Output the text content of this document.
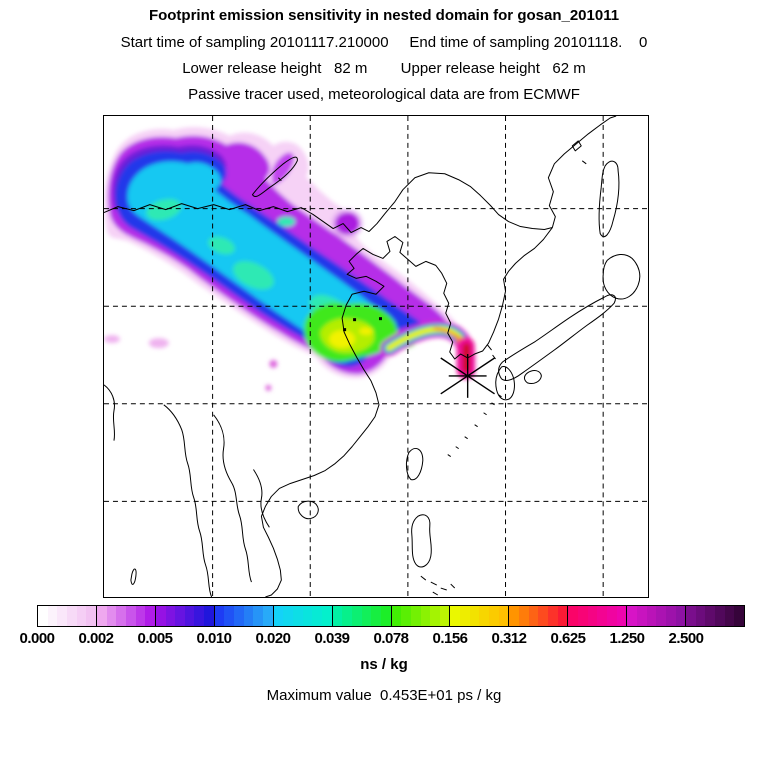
Footprint emission sensitivity in nested domain for gosan_201011
Start time of sampling 20101117.210000     End time of sampling 20101118.    0
Lower release height   82 m        Upper release height   62 m
Passive tracer used, meteorological data are from ECMWF
0.000 0.002 0.005 0.010 0.020 0.039 0.078 0.156 0.312 0.625 1.250 2.500
ns / kg
Maximum value  0.453E+01 ps / kg
